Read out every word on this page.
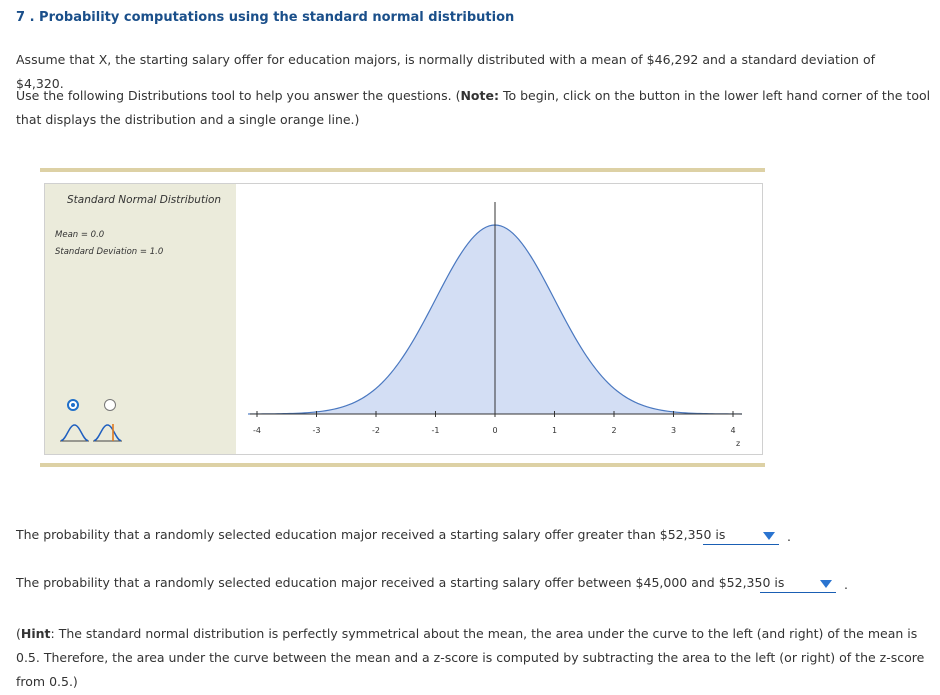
7 . Probability computations using the standard normal distribution
Assume that X, the starting salary offer for education majors, is normally distributed with a mean of $46,292 and a standard deviation of $4,320.
Use the following Distributions tool to help you answer the questions. (Note: To begin, click on the button in the lower left hand corner of the tool that displays the distribution and a single orange line.)
Standard Normal Distribution
Mean = 0.0
Standard Deviation = 1.0
-4	-3	-2	-1	0	1	2	3	4
z
The probability that a randomly selected education major received a starting salary offer greater than $52,350 is	.
The probability that a randomly selected education major received a starting salary offer between $45,000 and $52,350 is	.
(Hint: The standard normal distribution is perfectly symmetrical about the mean, the area under the curve to the left (and right) of the mean is 0.5. Therefore, the area under the curve between the mean and a z-score is computed by subtracting the area to the left (or right) of the z-score from 0.5.)
